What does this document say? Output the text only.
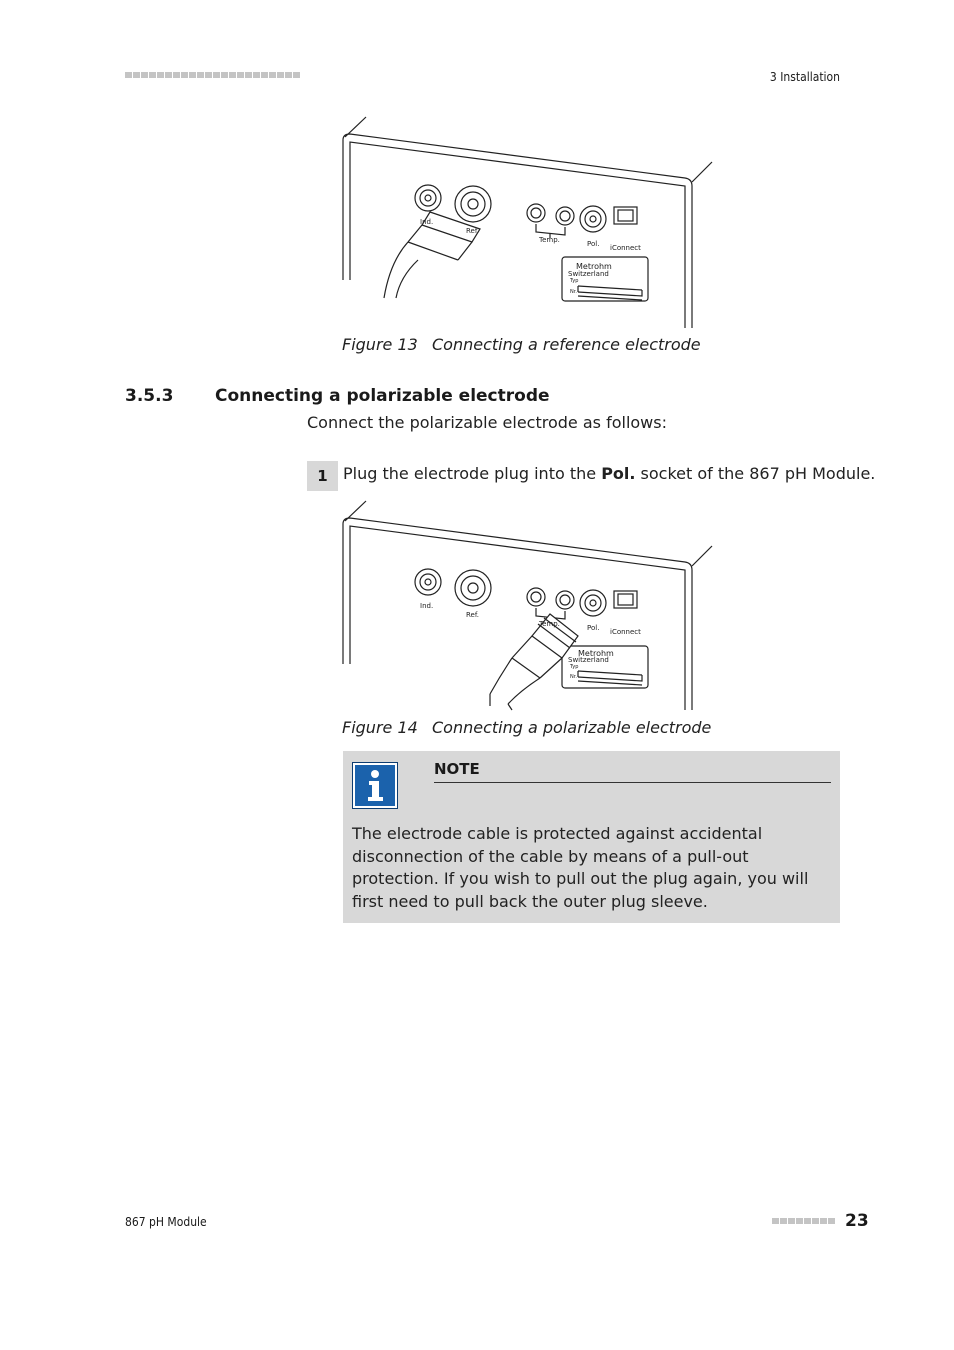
3 Installation
Ind.
Ref.
Temp.	Pol. iConnect
Metrohm
Switzerland
Typ
Nr.
Figure 13 Connecting a reference electrode
3.5.3 Connecting a polarizable electrode
Connect the polarizable electrode as follows:
1 Plug the electrode plug into the Pol. socket of the 867 pH Module.
Ind.
Ref.
Temp.	Pol. iConnect
Metrohm
Switzerland
Typ
Nr.
Figure 14 Connecting a polarizable electrode
NOTE
The electrode cable is protected against accidental disconnection of the cable by means of a pull-out protection. If you wish to pull out the plug again, you will first need to pull back the outer plug sleeve.
867 pH Module	23
